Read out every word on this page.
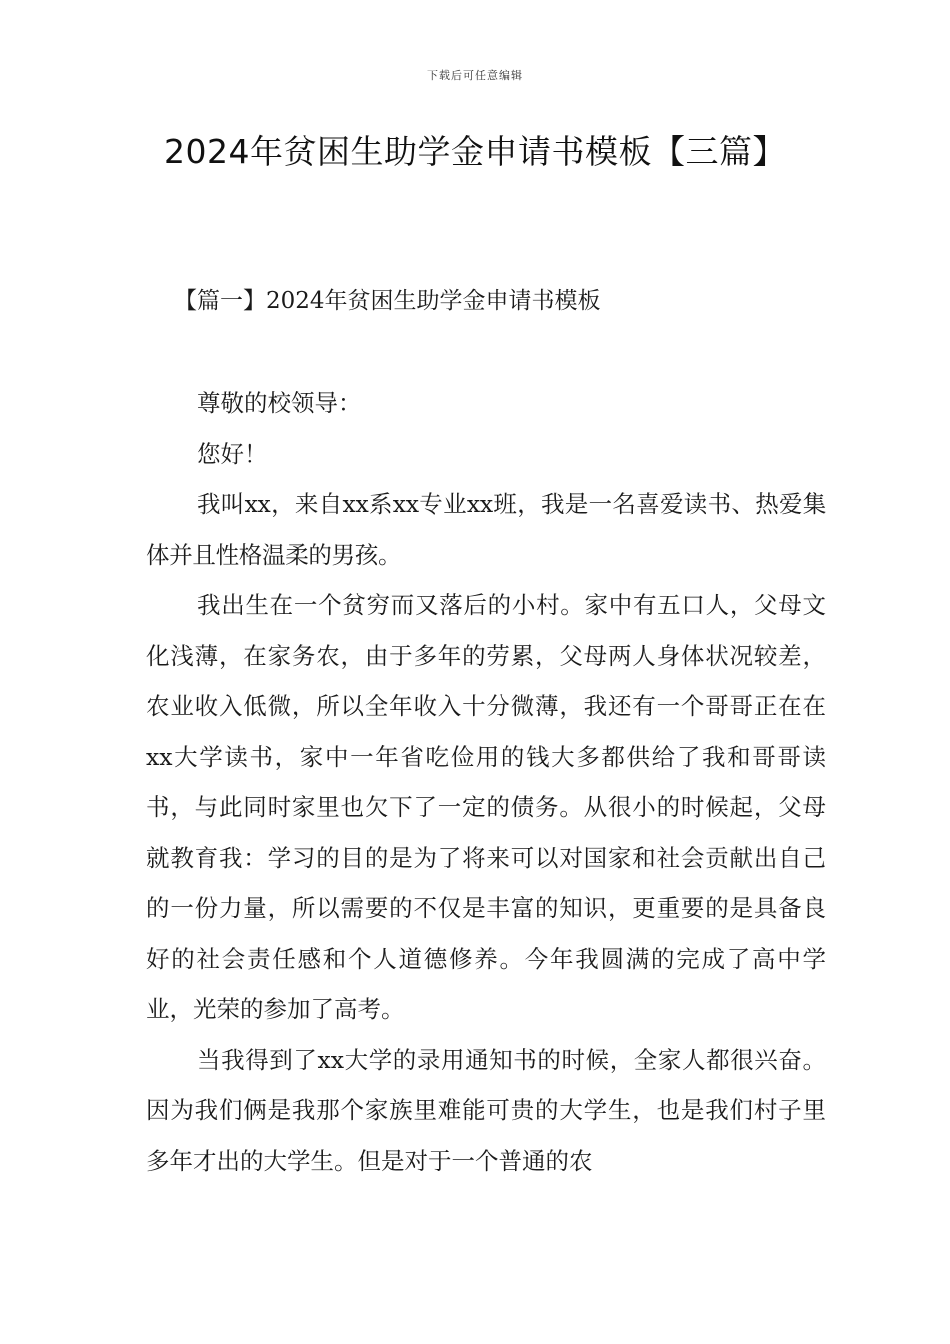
下载后可任意编辑
2024年贫困生助学金申请书模板【三篇】
【篇一】2024年贫困生助学金申请书模板

尊敬的校领导：

您好！

我叫xx，来自xx系xx专业xx班，我是一名喜爱读书、热爱集体并且性格温柔的男孩。

我出生在一个贫穷而又落后的小村。家中有五口人，父母文化浅薄，在家务农，由于多年的劳累，父母两人身体状况较差，农业收入低微，所以全年收入十分微薄，我还有一个哥哥正在在xx大学读书，家中一年省吃俭用的钱大多都供给了我和哥哥读书，与此同时家里也欠下了一定的债务。从很小的时候起，父母就教育我：学习的目的是为了将来可以对国家和社会贡献出自己的一份力量，所以需要的不仅是丰富的知识，更重要的是具备良好的社会责任感和个人道德修养。今年我圆满的完成了高中学业，光荣的参加了高考。

当我得到了xx大学的录用通知书的时候，全家人都很兴奋。因为我们俩是我那个家族里难能可贵的大学生，也是我们村子里多年才出的大学生。但是对于一个普通的农
